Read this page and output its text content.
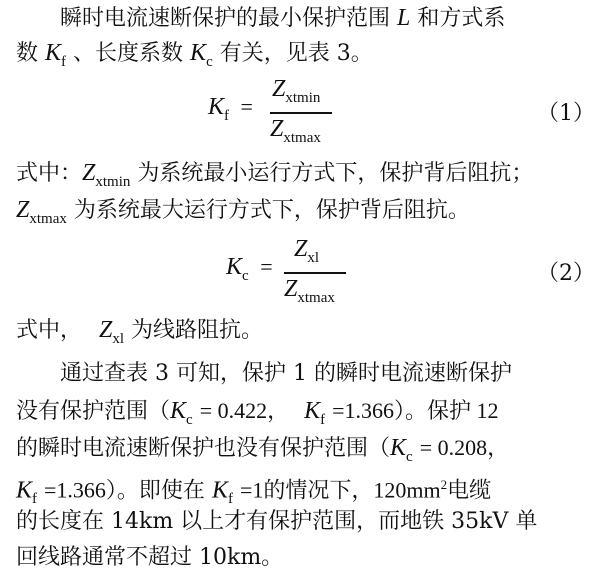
瞬时电流速断保护的最小保护范围 L 和方式系
数 $K_f$ 、长度系数 $K_c$ 有关，见表 3。
$K_f$ =
$Z_{xtmin}$
$Z_{xtmax}$
（1）
式中：$Z_{xtmin}$ 为系统最小运行方式下，保护背后阻抗；
$Z_{xtmax}$ 为系统最大运行方式下，保护背后阻抗。
$K_c$ =
$Z_{xl}$
$Z_{xtmax}$
（2）
式中， $Z_{xl}$ 为线路阻抗。
通过查表 3 可知，保护 1 的瞬时电流速断保护
没有保护范围（$K_c = 0.422$， $K_f =1.366$）。保护 12
的瞬时电流速断保护也没有保护范围（$K_c = 0.208$，
$K_f =1.366$）。即使在 $K_f =1$的情况下，$120mm^2$电缆
的长度在 14km 以上才有保护范围，而地铁 35kV 单
回线路通常不超过 10km。
